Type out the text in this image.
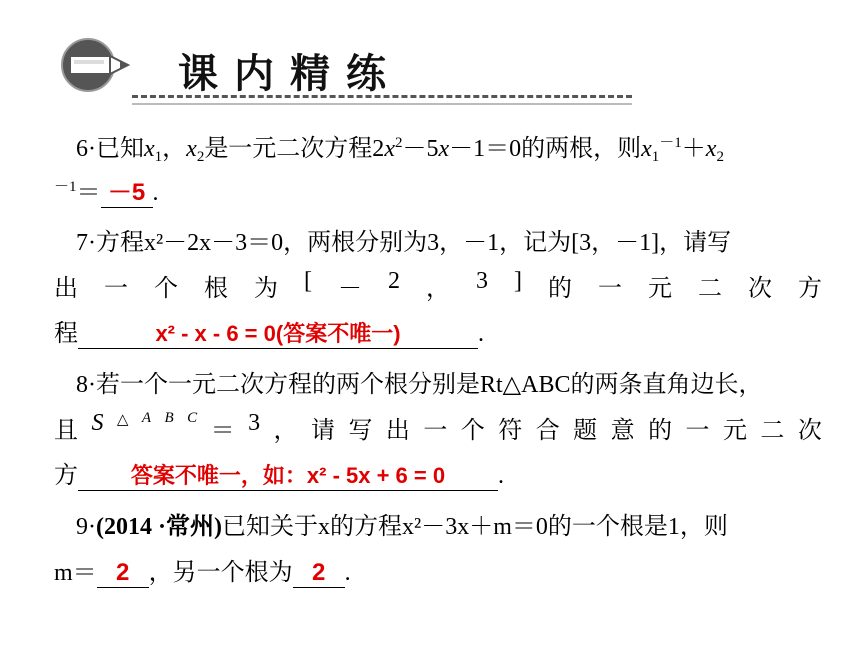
课内精练
6·已知$x_1$，$x_2$是一元二次方程$2x^2-5x-1=0$的两根，则$x_1^{-1}+x_2$
$^{-1}$＝ －5 .
7·方程x²－2x－3＝0，两根分别为3，－1，记为[3，－1]，请写
出 一 个 根 为 [ － 2 ， 3 ] 的 一 元 二 次 方
程	x² - x - 6 = 0(答案不唯一)	.
8·若一个一元二次方程的两个根分别是Rt△ABC的两条直角边长，
且 S △ A B C ＝ 3 ， 请 写 出 一 个 符 合 题 意 的 一 元 二 次
方 答案不唯一，如：x² - 5x + 6 = 0 .
9·(2014 ·常州)已知关于x的方程x²－3x＋m＝0的一个根是1，则
m＝ 2 ，另一个根为 2 .
